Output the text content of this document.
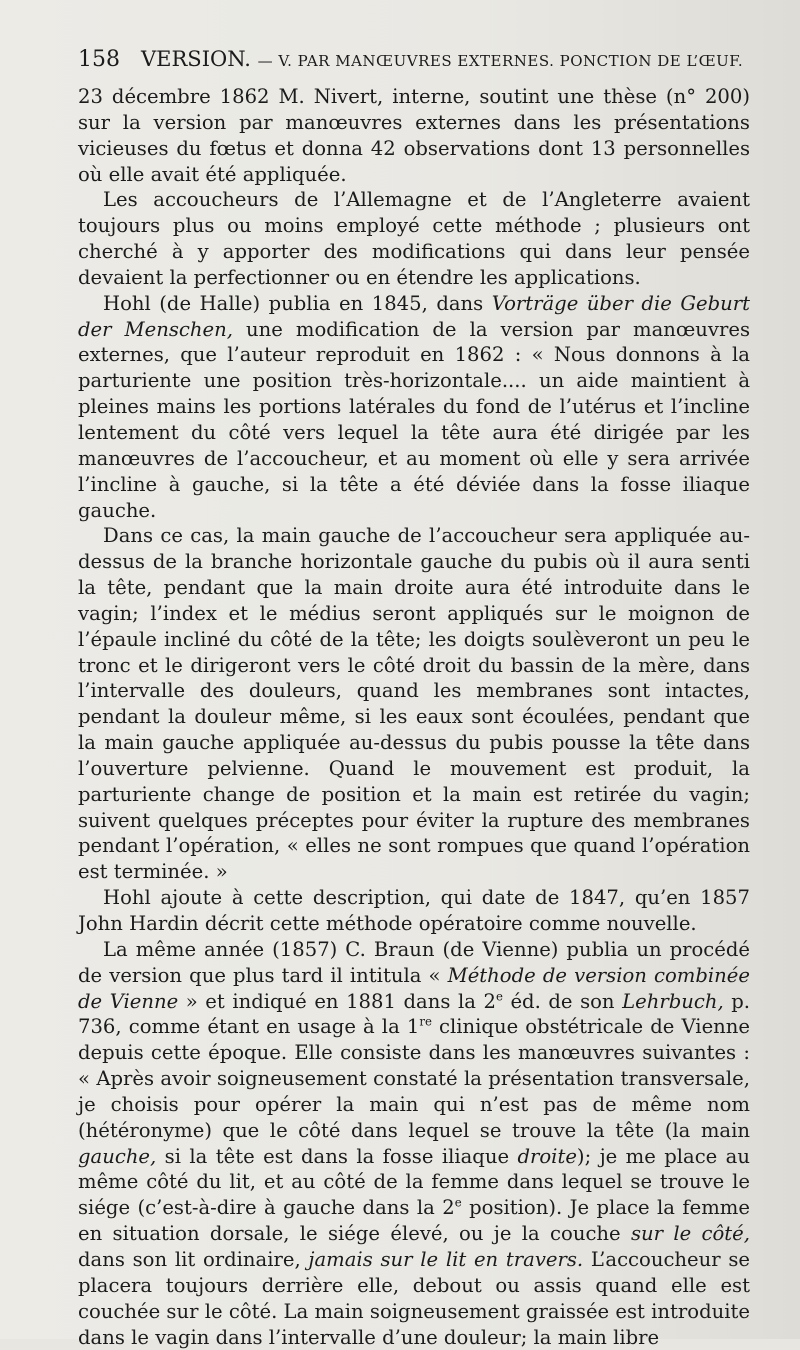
158 VERSION. — V. PAR MANŒUVRES EXTERNES. PONCTION DE L’ŒUF.

23 décembre 1862 M. Nivert, interne, soutint une thèse (n° 200) sur la version par manœuvres externes dans les présentations vicieuses du fœtus et donna 42 observations dont 13 personnelles où elle avait été appliquée.

Les accoucheurs de l’Allemagne et de l’Angleterre avaient toujours plus ou moins employé cette méthode ; plusieurs ont cherché à y apporter des modifications qui dans leur pensée devaient la perfectionner ou en étendre les applications.

Hohl (de Halle) publia en 1845, dans Vorträge über die Geburt der Menschen, une modification de la version par manœuvres externes, que l’auteur reproduit en 1862 : « Nous donnons à la parturiente une position très-horizontale.... un aide maintient à pleines mains les portions latérales du fond de l’utérus et l’incline lentement du côté vers lequel la tête aura été dirigée par les manœuvres de l’accoucheur, et au moment où elle y sera arrivée l’incline à gauche, si la tête a été déviée dans la fosse iliaque gauche.

Dans ce cas, la main gauche de l’accoucheur sera appliquée au-dessus de la branche horizontale gauche du pubis où il aura senti la tête, pendant que la main droite aura été introduite dans le vagin; l’index et le médius seront appliqués sur le moignon de l’épaule incliné du côté de la tête; les doigts soulèveront un peu le tronc et le dirigeront vers le côté droit du bassin de la mère, dans l’intervalle des douleurs, quand les membranes sont intactes, pendant la douleur même, si les eaux sont écoulées, pendant que la main gauche appliquée au-dessus du pubis pousse la tête dans l’ouverture pelvienne. Quand le mouvement est produit, la parturiente change de position et la main est retirée du vagin; suivent quelques préceptes pour éviter la rupture des membranes pendant l’opération, « elles ne sont rompues que quand l’opération est terminée. »

Hohl ajoute à cette description, qui date de 1847, qu’en 1857 John Hardin décrit cette méthode opératoire comme nouvelle.

La même année (1857) C. Braun (de Vienne) publia un procédé de version que plus tard il intitula « Méthode de version combinée de Vienne » et indiqué en 1881 dans la 2e éd. de son Lehrbuch, p. 736, comme étant en usage à la 1re clinique obstétricale de Vienne depuis cette époque. Elle consiste dans les manœuvres suivantes : « Après avoir soigneusement constaté la présentation transversale, je choisis pour opérer la main qui n’est pas de même nom (hétéronyme) que le côté dans lequel se trouve la tête (la main gauche, si la tête est dans la fosse iliaque droite); je me place au même côté du lit, et au côté de la femme dans lequel se trouve le siége (c’est-à-dire à gauche dans la 2e position). Je place la femme en situation dorsale, le siége élevé, ou je la couche sur le côté, dans son lit ordinaire, jamais sur le lit en travers. L’accoucheur se placera toujours derrière elle, debout ou assis quand elle est couchée sur le côté. La main soigneusement graissée est introduite dans le vagin dans l’intervalle d’une douleur; la main libre
